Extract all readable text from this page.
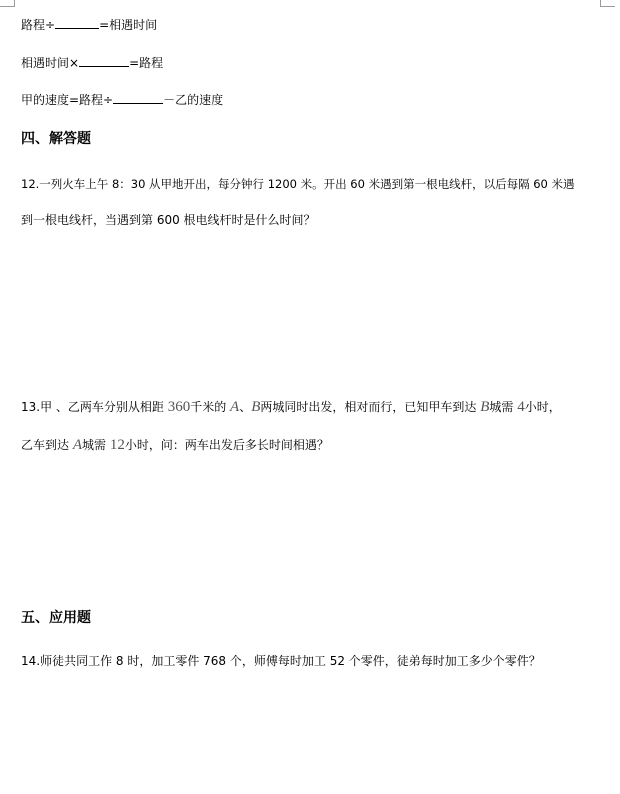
路程÷	=相遇时间
相遇时间×	=路程
甲的速度=路程÷	－乙的速度
四、解答题
12.一列火车上午 8：30 从甲地开出，每分钟行 1200 米。开出 60 米遇到第一根电线杆，以后每隔 60 米遇
到一根电线杆，当遇到第 600 根电线杆时是什么时间？
13.甲 、乙两车分别从相距 360千米的 A、B两城同时出发，相对而行，已知甲车到达 B城需 4小时，
乙车到达 A城需 12小时，问：两车出发后多长时间相遇？
五、应用题
14.师徒共同工作 8 时，加工零件 768 个，师傅每时加工 52 个零件，徒弟每时加工多少个零件？
